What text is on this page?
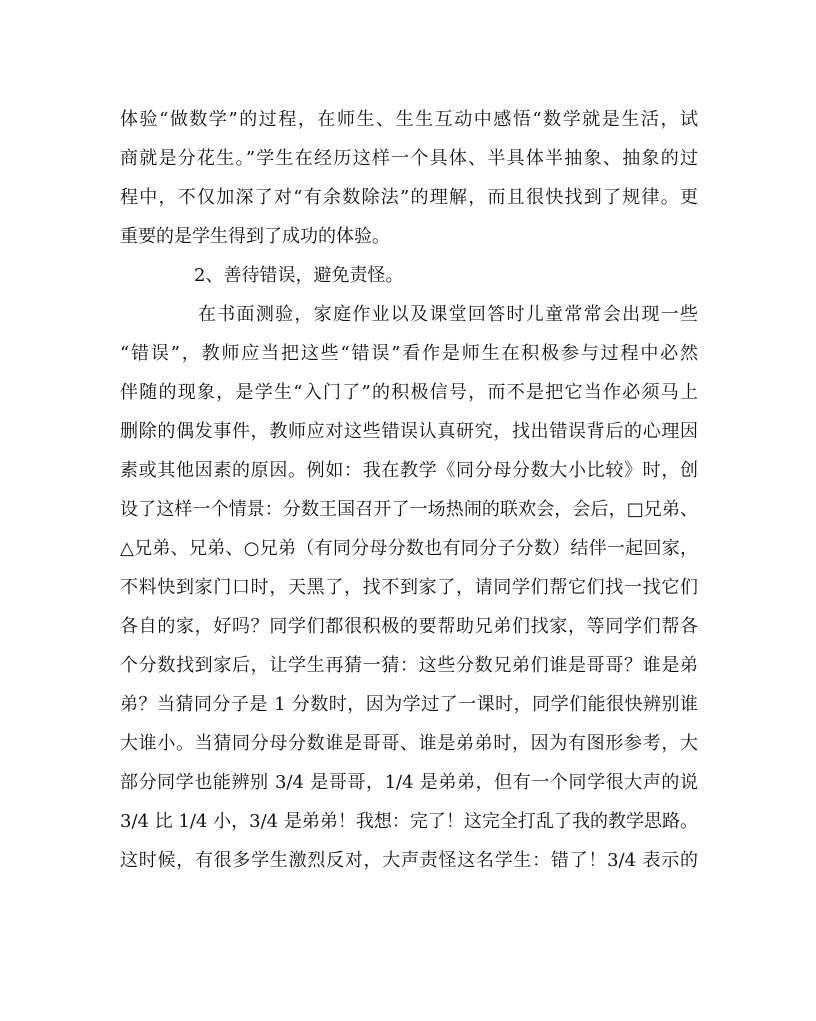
体验“做数学”的过程，在师生、生生互动中感悟“数学就是生活，试
商就是分花生。”学生在经历这样一个具体、半具体半抽象、抽象的过
程中，不仅加深了对“有余数除法”的理解，而且很快找到了规律。更
重要的是学生得到了成功的体验。
2、善待错误，避免责怪。
在书面测验，家庭作业以及课堂回答时儿童常常会出现一些
“错误”，教师应当把这些“错误”看作是师生在积极参与过程中必然
伴随的现象，是学生“入门了”的积极信号，而不是把它当作必须马上
删除的偶发事件，教师应对这些错误认真研究，找出错误背后的心理因
素或其他因素的原因。例如：我在教学《同分母分数大小比较》时，创
设了这样一个情景：分数王国召开了一场热闹的联欢会，会后，□兄弟、
△兄弟、兄弟、○兄弟（有同分母分数也有同分子分数）结伴一起回家，
不料快到家门口时，天黑了，找不到家了，请同学们帮它们找一找它们
各自的家，好吗？同学们都很积极的要帮助兄弟们找家，等同学们帮各
个分数找到家后，让学生再猜一猜：这些分数兄弟们谁是哥哥？谁是弟
弟？当猜同分子是 1 分数时，因为学过了一课时，同学们能很快辨别谁
大谁小。当猜同分母分数谁是哥哥、谁是弟弟时，因为有图形参考，大
部分同学也能辨别 3/4 是哥哥，1/4 是弟弟，但有一个同学很大声的说
3/4 比 1/4 小，3/4 是弟弟！我想：完了！这完全打乱了我的教学思路。
这时候，有很多学生激烈反对，大声责怪这名学生：错了！3/4 表示的
